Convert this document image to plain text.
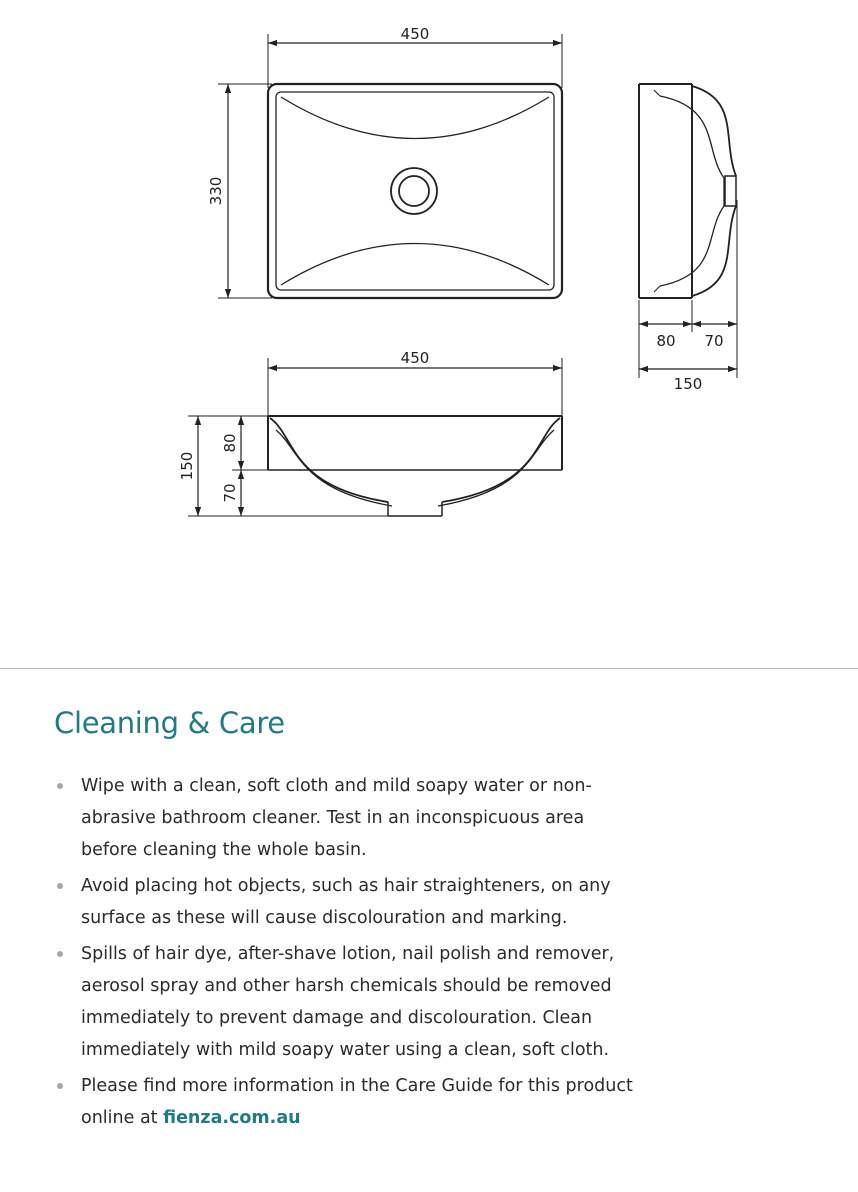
450
330
80 70
150
450
150
80
70
Cleaning & Care
Wipe with a clean, soft cloth and mild soapy water or non-
abrasive bathroom cleaner. Test in an inconspicuous area
before cleaning the whole basin.
Avoid placing hot objects, such as hair straighteners, on any
surface as these will cause discolouration and marking.
Spills of hair dye, after-shave lotion, nail polish and remover,
aerosol spray and other harsh chemicals should be removed
immediately to prevent damage and discolouration. Clean
immediately with mild soapy water using a clean, soft cloth.
Please find more information in the Care Guide for this product
online at fienza.com.au
